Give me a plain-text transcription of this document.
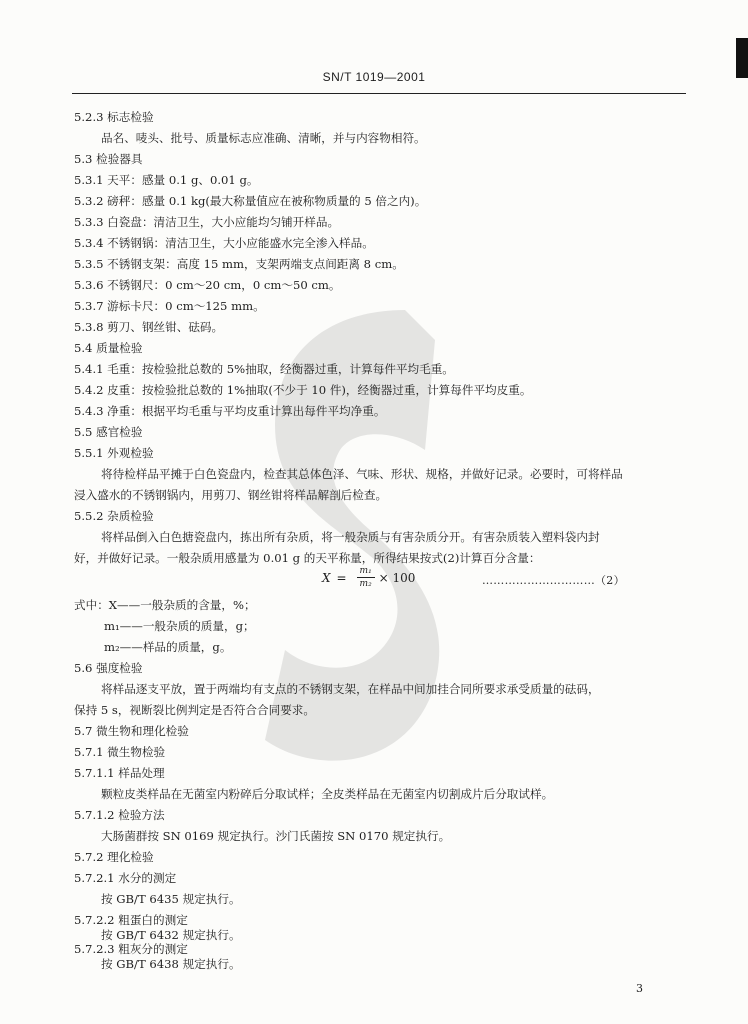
SN/T 1019—2001
5.2.3 标志检验
品名、唛头、批号、质量标志应准确、清晰，并与内容物相符。
5.3 检验器具
5.3.1 天平：感量 0.1 g、0.01 g。
5.3.2 磅秤：感量 0.1 kg(最大称量值应在被称物质量的 5 倍之内)。
5.3.3 白瓷盘：清洁卫生，大小应能均匀铺开样品。
5.3.4 不锈钢锅：清洁卫生，大小应能盛水完全渗入样品。
5.3.5 不锈钢支架：高度 15 mm，支架两端支点间距离 8 cm。
5.3.6 不锈钢尺：0 cm～20 cm，0 cm～50 cm。
5.3.7 游标卡尺：0 cm～125 mm。
5.3.8 剪刀、钢丝钳、砝码。
5.4 质量检验
5.4.1 毛重：按检验批总数的 5%抽取，经衡器过重，计算每件平均毛重。
5.4.2 皮重：按检验批总数的 1%抽取(不少于 10 件)，经衡器过重，计算每件平均皮重。
5.4.3 净重：根据平均毛重与平均皮重计算出每件平均净重。
5.5 感官检验
5.5.1 外观检验
将待检样品平摊于白色瓷盘内，检查其总体色泽、气味、形状、规格，并做好记录。必要时，可将样品
浸入盛水的不锈钢锅内，用剪刀、钢丝钳将样品解剖后检查。
5.5.2 杂质检验
将样品倒入白色搪瓷盘内，拣出所有杂质，将一般杂质与有害杂质分开。有害杂质装入塑料袋内封
好，并做好记录。一般杂质用感量为 0.01 g 的天平称量，所得结果按式(2)计算百分含量：
$X = \frac{\text{m₁}}{\text{m₂}} \times 100$	…………………………（2）
式中：X——一般杂质的含量，%；
m₁——一般杂质的质量，g；
m₂——样品的质量，g。
5.6 强度检验
将样品逐支平放，置于两端均有支点的不锈钢支架，在样品中间加挂合同所要求承受质量的砝码，
保持 5 s，视断裂比例判定是否符合合同要求。
5.7 微生物和理化检验
5.7.1 微生物检验
5.7.1.1 样品处理
颗粒皮类样品在无菌室内粉碎后分取试样；全皮类样品在无菌室内切割成片后分取试样。
5.7.1.2 检验方法
大肠菌群按 SN 0169 规定执行。沙门氏菌按 SN 0170 规定执行。
5.7.2 理化检验
5.7.2.1 水分的测定
按 GB/T 6435 规定执行。
5.7.2.2 粗蛋白的测定
按 GB/T 6432 规定执行。
3
5.7.2.3 粗灰分的测定
按 GB/T 6438 规定执行。
